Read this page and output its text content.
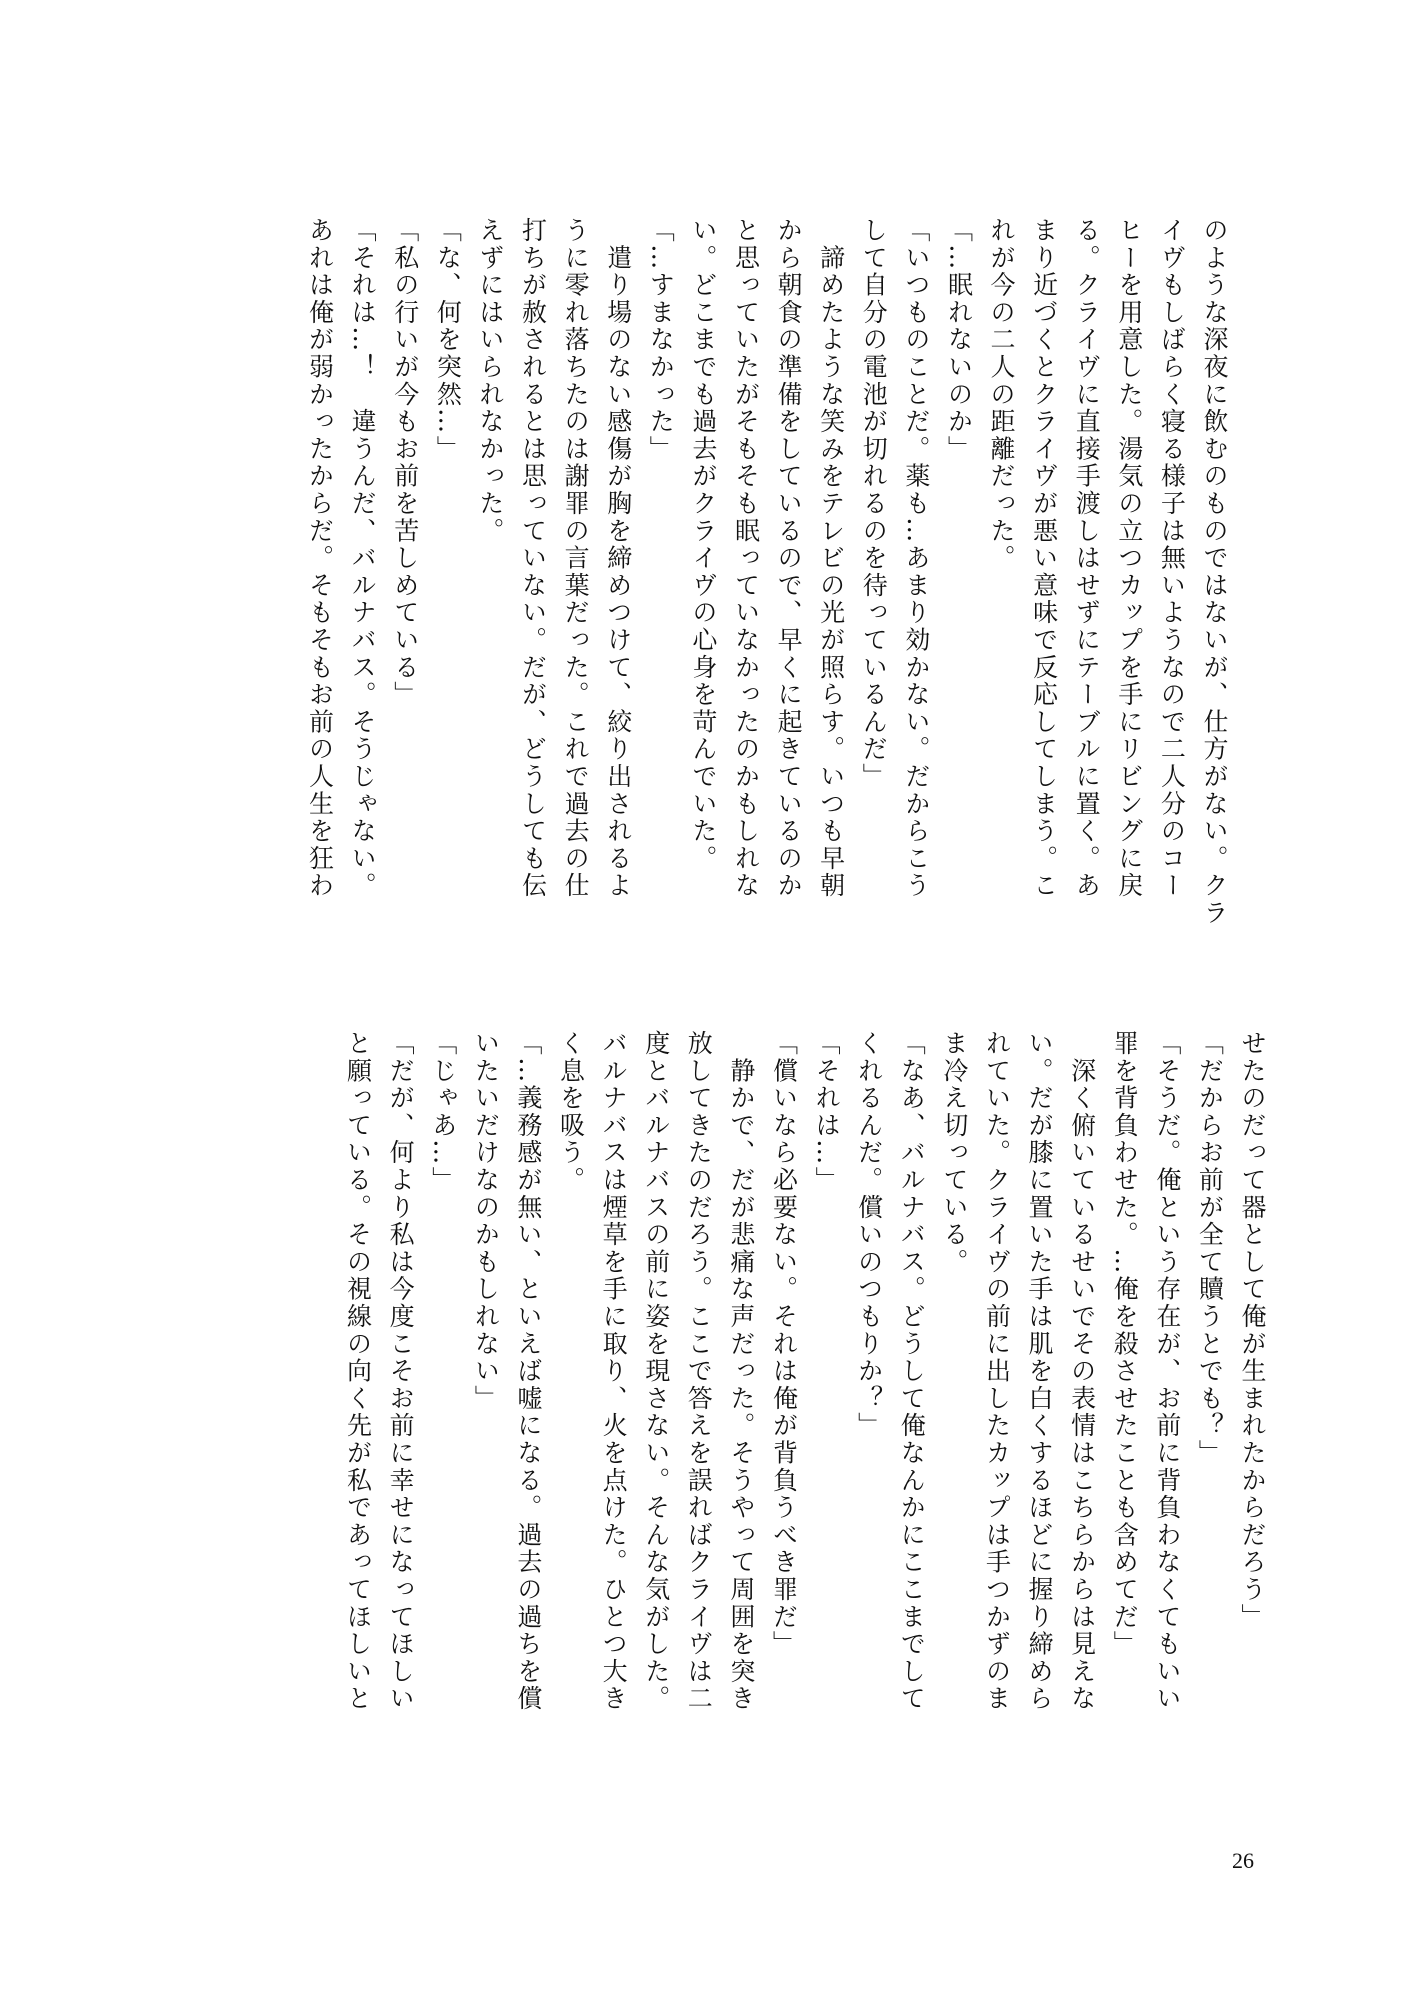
のような深夜に飲むのものではないが、仕方がない。クラ
イヴもしばらく寝る様子は無いようなので二人分のコー
ヒーを用意した。湯気の立つカップを手にリビングに戻
る。クライヴに直接手渡しはせずにテーブルに置く。あ
まり近づくとクライヴが悪い意味で反応してしまう。こ
れが今の二人の距離だった。
「…眠れないのか」
「いつものことだ。薬も…あまり効かない。だからこう
して自分の電池が切れるのを待っているんだ」
　諦めたような笑みをテレビの光が照らす。いつも早朝
から朝食の準備をしているので、早くに起きているのか
と思っていたがそもそも眠っていなかったのかもしれな
い。どこまでも過去がクライヴの心身を苛んでいた。
「…すまなかった」
　遣り場のない感傷が胸を締めつけて、絞り出されるよ
うに零れ落ちたのは謝罪の言葉だった。これで過去の仕
打ちが赦されるとは思っていない。だが、どうしても伝
えずにはいられなかった。
「な、何を突然…」
「私の行いが今もお前を苦しめている」
「それは…！　違うんだ、バルナバス。そうじゃない。
あれは俺が弱かったからだ。そもそもお前の人生を狂わ
せたのだって器として俺が生まれたからだろう」
「だからお前が全て贖うとでも？」
「そうだ。俺という存在が、お前に背負わなくてもいい
罪を背負わせた。…俺を殺させたことも含めてだ」
　深く俯いているせいでその表情はこちらからは見えな
い。だが膝に置いた手は肌を白くするほどに握り締めら
れていた。クライヴの前に出したカップは手つかずのま
ま冷え切っている。
「なあ、バルナバス。どうして俺なんかにここまでして
くれるんだ。償いのつもりか？」
「それは…」
「償いなら必要ない。それは俺が背負うべき罪だ」
　静かで、だが悲痛な声だった。そうやって周囲を突き
放してきたのだろう。ここで答えを誤ればクライヴは二
度とバルナバスの前に姿を現さない。そんな気がした。
バルナバスは煙草を手に取り、火を点けた。ひとつ大き
く息を吸う。
「…義務感が無い、といえば嘘になる。過去の過ちを償
いたいだけなのかもしれない」
「じゃあ…」
「だが、何より私は今度こそお前に幸せになってほしい
と願っている。その視線の向く先が私であってほしいと
26
